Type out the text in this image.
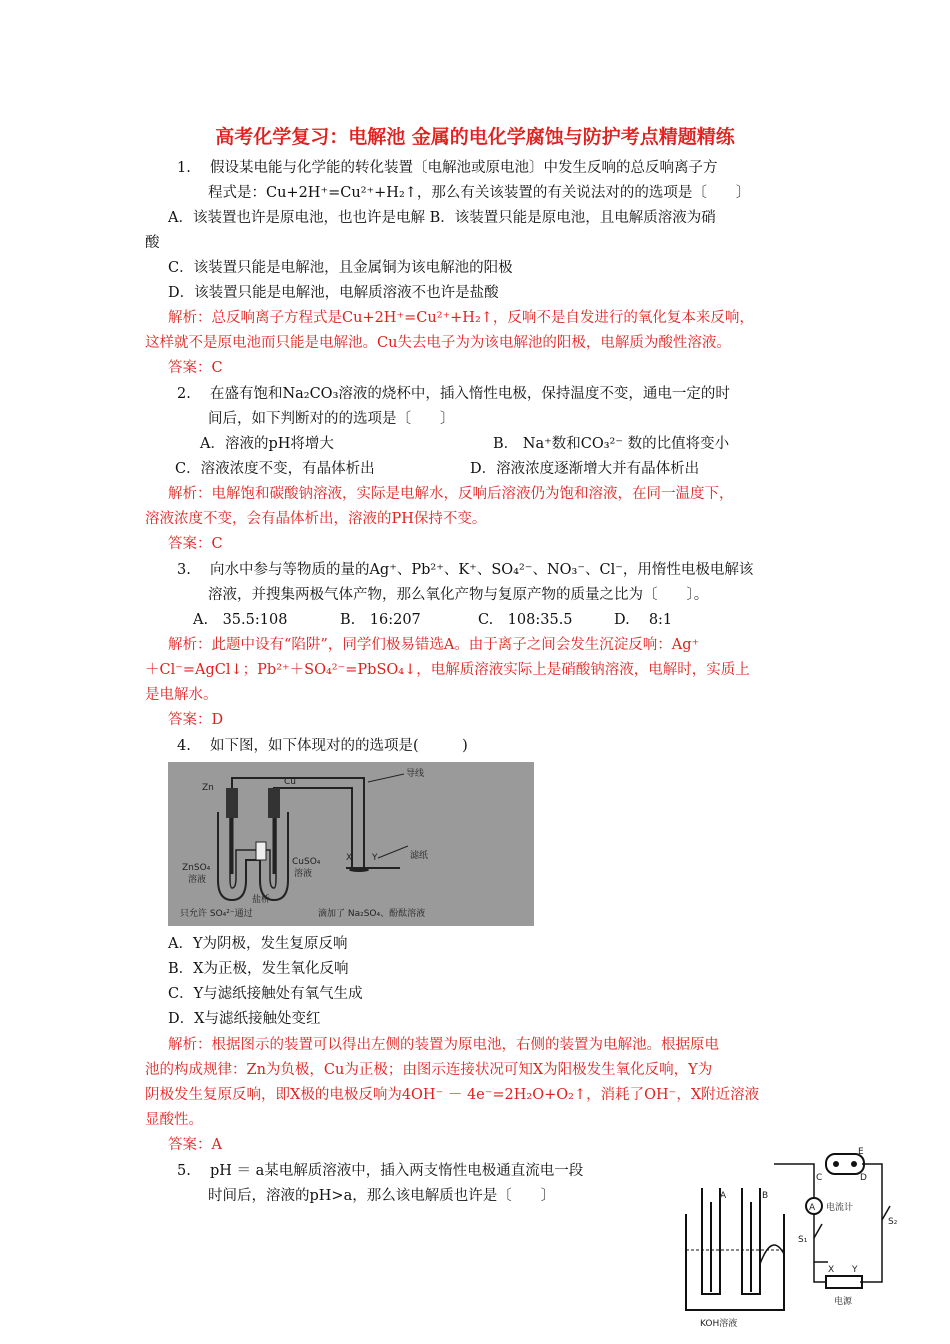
高考化学复习：电解池 金属的电化学腐蚀与防护考点精题精练
1.　 假设某电能与化学能的转化装置〔电解池或原电池〕中发生反响的总反响离子方
程式是：Cu+2H⁺=Cu²⁺+H₂↑，那么有关该装置的有关说法对的的选项是〔　　〕
A．该装置也许是原电池，也也许是电解 B．该装置只能是原电池，且电解质溶液为硝
酸
C．该装置只能是电解池，且金属铜为该电解池的阳极
D．该装置只能是电解池，电解质溶液不也许是盐酸
解析：总反响离子方程式是Cu+2H⁺=Cu²⁺+H₂↑，反响不是自发进行的氧化复本来反响，
这样就不是原电池而只能是电解池。Cu失去电子为为该电解池的阳极，电解质为酸性溶液。
答案：C
2.　 在盛有饱和Na₂CO₃溶液的烧杯中，插入惰性电极，保持温度不变，通电一定的时
间后，如下判断对的的选项是〔　　〕
A．溶液的pH将增大	B． Na⁺数和CO₃²⁻ 数的比值将变小
C．溶液浓度不变，有晶体析出	D．溶液浓度逐渐增大并有晶体析出
解析：电解饱和碳酸钠溶液，实际是电解水，反响后溶液仍为饱和溶液，在同一温度下，
溶液浓度不变，会有晶体析出，溶液的PH保持不变。
答案：C
3.　 向水中参与等物质的量的Ag⁺、Pb²⁺、K⁺、SO₄²⁻、NO₃⁻、Cl⁻，用惰性电极电解该
溶液，并搜集两极气体产物，那么氧化产物与复原产物的质量之比为〔　　〕。
A.　35.5:108	B.　16:207	C.　108:35.5	D.　 8:1
解析：此题中设有“陷阱”，同学们极易错选A。由于离子之间会发生沉淀反响：Ag⁺
＋Cl⁻=AgCl↓；Pb²⁺＋SO₄²⁻=PbSO₄↓，电解质溶液实际上是硝酸钠溶液，电解时，实质上
是电解水。
答案：D
4.　 如下图，如下体现对的的选项是(　　　)
Zn
Cu
导线
ZnSO₄
溶液
CuSO₄
溶液
盐桥
只允许 SO₄²⁻通过
X Y	滤纸
滴加了 Na₂SO₄、酚酞溶液
A．Y为阴极，发生复原反响
B．X为正极，发生氧化反响
C．Y与滤纸接触处有氧气生成
D．X与滤纸接触处变红
解析：根据图示的装置可以得出左侧的装置为原电池，右侧的装置为电解池。根据原电
池的构成规律：Zn为负极，Cu为正极；由图示连接状况可知X为阳极发生氧化反响，Y为
阴极发生复原反响，即X极的电极反响为4OH⁻ － 4e⁻=2H₂O+O₂↑，消耗了OH⁻，X附近溶液
显酸性。
答案：A
5.　 pH ＝ a某电解质溶液中，插入两支惰性电极通直流电一段
时间后，溶液的pH>a，那么该电解质也许是〔　　〕	A	B
C	D
E
A 电流计
S₁
S₂
X Y
电源
KOH溶液
